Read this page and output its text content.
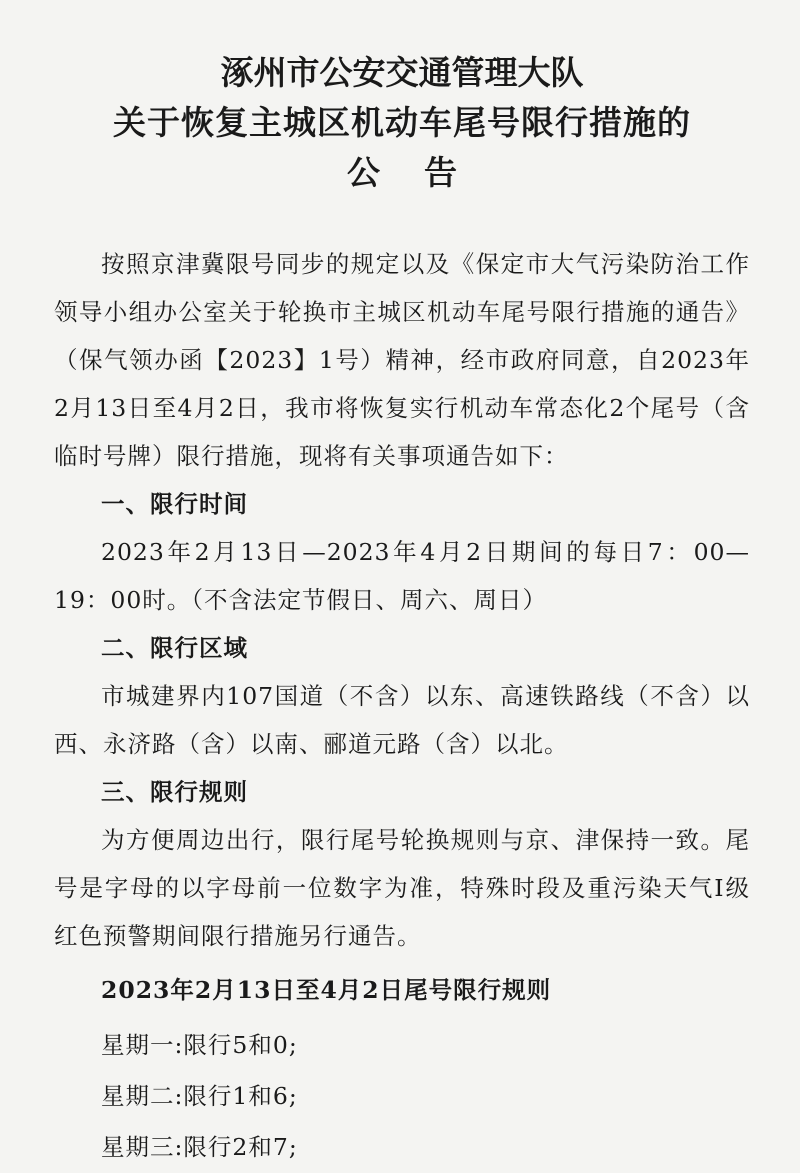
涿州市公安交通管理大队
关于恢复主城区机动车尾号限行措施的
公告

按照京津冀限号同步的规定以及《保定市大气污染防治工作领导小组办公室关于轮换市主城区机动车尾号限行措施的通告》（保气领办函【2023】1号）精神，经市政府同意，自2023年2月13日至4月2日，我市将恢复实行机动车常态化2个尾号（含临时号牌）限行措施，现将有关事项通告如下：

一、限行时间

2023年2月13日—2023年4月2日期间的每日7：00—19：00时。（不含法定节假日、周六、周日）

二、限行区域

市城建界内107国道（不含）以东、高速铁路线（不含）以西、永济路（含）以南、郦道元路（含）以北。

三、限行规则

为方便周边出行，限行尾号轮换规则与京、津保持一致。尾号是字母的以字母前一位数字为准，特殊时段及重污染天气Ⅰ级红色预警期间限行措施另行通告。

2023年2月13日至4月2日尾号限行规则

星期一:限行5和0;
星期二:限行1和6;
星期三:限行2和7;
